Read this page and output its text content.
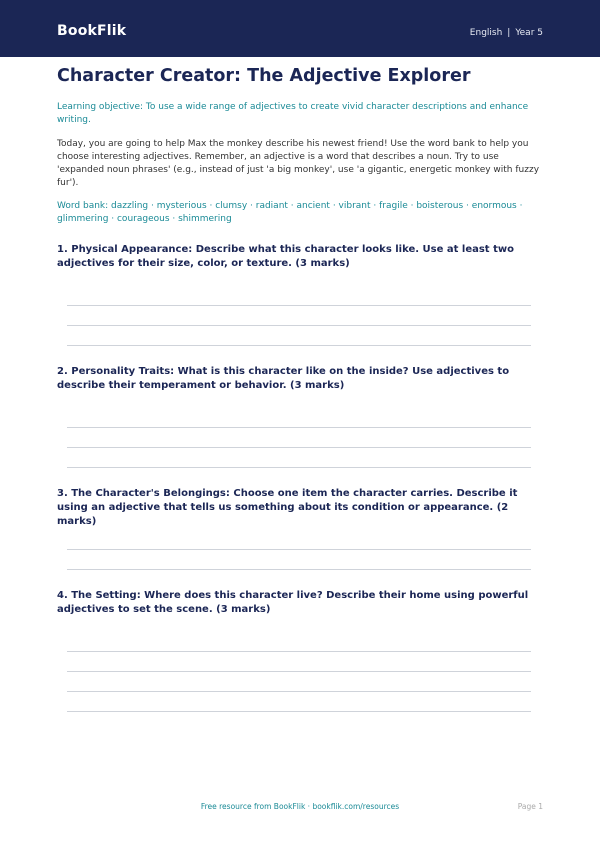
BookFlik	English | Year 5
Character Creator: The Adjective Explorer
Learning objective: To use a wide range of adjectives to create vivid character descriptions and enhance writing.
Today, you are going to help Max the monkey describe his newest friend! Use the word bank to help you choose interesting adjectives. Remember, an adjective is a word that describes a noun. Try to use 'expanded noun phrases' (e.g., instead of just 'a big monkey', use 'a gigantic, energetic monkey with fuzzy fur').
Word bank: dazzling · mysterious · clumsy · radiant · ancient · vibrant · fragile · boisterous · enormous · glimmering · courageous · shimmering
1. Physical Appearance: Describe what this character looks like. Use at least two adjectives for their size, color, or texture. (3 marks)
2. Personality Traits: What is this character like on the inside? Use adjectives to describe their temperament or behavior. (3 marks)
3. The Character's Belongings: Choose one item the character carries. Describe it using an adjective that tells us something about its condition or appearance. (2 marks)
4. The Setting: Where does this character live? Describe their home using powerful adjectives to set the scene. (3 marks)
Free resource from BookFlik · bookflik.com/resources	Page 1
